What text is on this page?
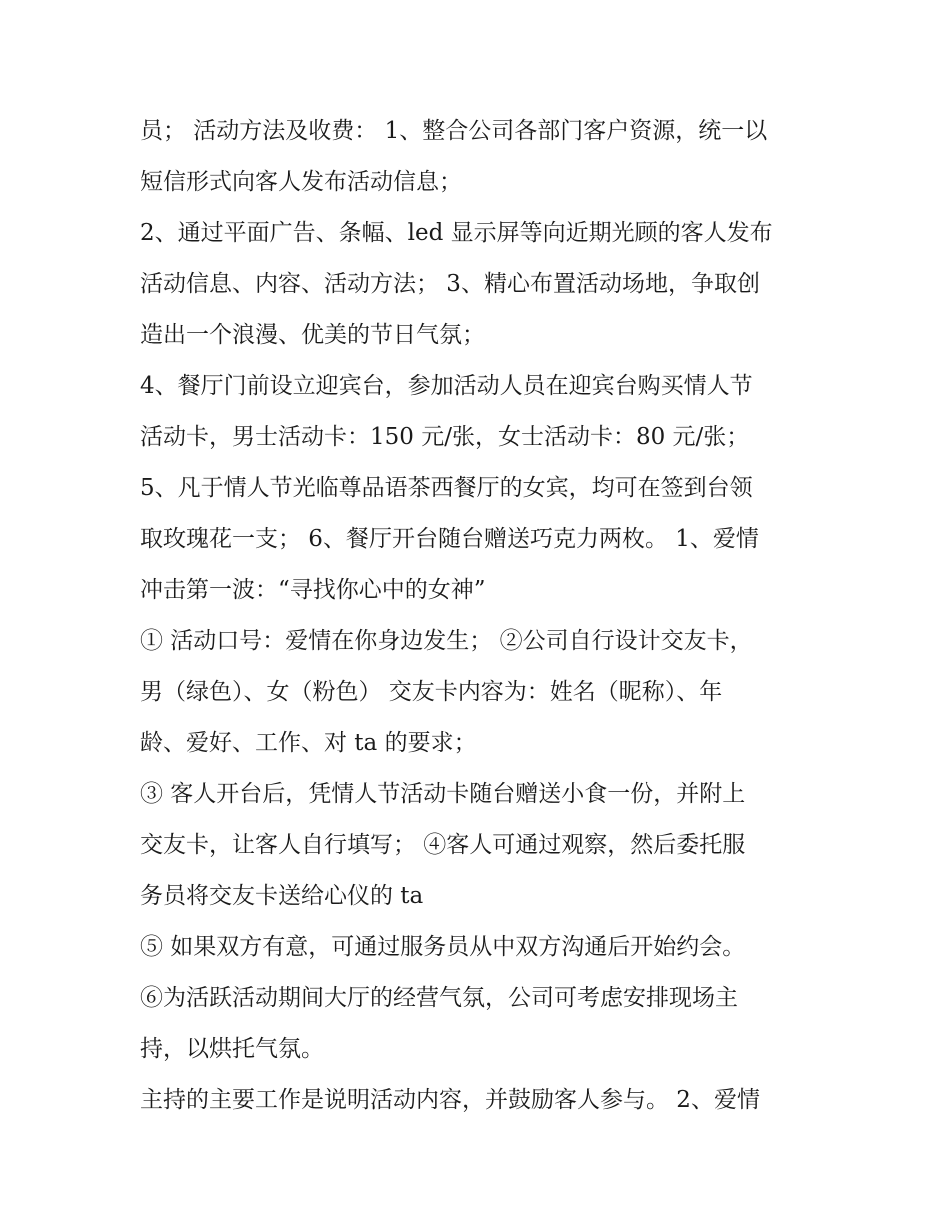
员； 活动方法及收费： 1、整合公司各部门客户资源，统一以
短信形式向客人发布活动信息；
2、通过平面广告、条幅、led 显示屏等向近期光顾的客人发布
活动信息、内容、活动方法； 3、精心布置活动场地，争取创
造出一个浪漫、优美的节日气氛；
4、餐厅门前设立迎宾台，参加活动人员在迎宾台购买情人节
活动卡，男士活动卡：150 元/张，女士活动卡：80 元/张；
5、凡于情人节光临尊品语茶西餐厅的女宾，均可在签到台领
取玫瑰花一支； 6、餐厅开台随台赠送巧克力两枚。 1、爱情
冲击第一波：“寻找你心中的女神”
① 活动口号：爱情在你身边发生； ②公司自行设计交友卡，
男（绿色）、女（粉色） 交友卡内容为：姓名（昵称）、年
龄、爱好、工作、对 ta 的要求；
③ 客人开台后，凭情人节活动卡随台赠送小食一份，并附上
交友卡，让客人自行填写； ④客人可通过观察，然后委托服
务员将交友卡送给心仪的 ta
⑤ 如果双方有意，可通过服务员从中双方沟通后开始约会。
⑥为活跃活动期间大厅的经营气氛，公司可考虑安排现场主
持，以烘托气氛。
主持的主要工作是说明活动内容，并鼓励客人参与。 2、爱情
